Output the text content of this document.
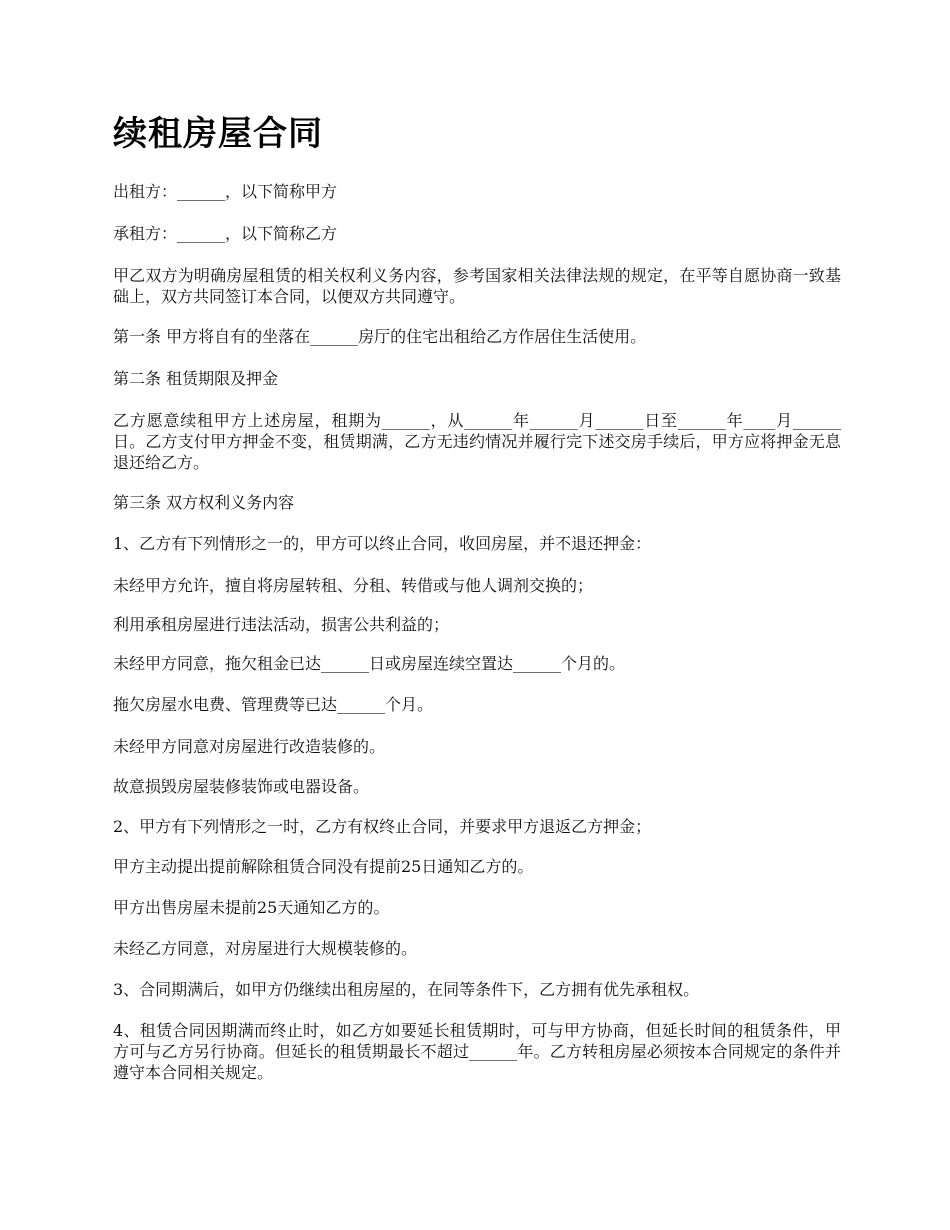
续租房屋合同

出租方：______，以下简称甲方

承租方：______，以下简称乙方

甲乙双方为明确房屋租赁的相关权利义务内容，参考国家相关法律法规的规定，在平等自愿协商一致基础上，双方共同签订本合同，以便双方共同遵守。

第一条 甲方将自有的坐落在______房厅的住宅出租给乙方作居住生活使用。

第二条 租赁期限及押金

乙方愿意续租甲方上述房屋，租期为______，从______年______月______日至______年____月______日。乙方支付甲方押金不变，租赁期满，乙方无违约情况并履行完下述交房手续后，甲方应将押金无息退还给乙方。

第三条 双方权利义务内容

1、乙方有下列情形之一的，甲方可以终止合同，收回房屋，并不退还押金：

未经甲方允许，擅自将房屋转租、分租、转借或与他人调剂交换的；

利用承租房屋进行违法活动，损害公共利益的；

未经甲方同意，拖欠租金已达______日或房屋连续空置达______个月的。

拖欠房屋水电费、管理费等已达______个月。

未经甲方同意对房屋进行改造装修的。

故意损毁房屋装修装饰或电器设备。

2、甲方有下列情形之一时，乙方有权终止合同，并要求甲方退返乙方押金；

甲方主动提出提前解除租赁合同没有提前25日通知乙方的。

甲方出售房屋未提前25天通知乙方的。

未经乙方同意，对房屋进行大规模装修的。

3、合同期满后，如甲方仍继续出租房屋的，在同等条件下，乙方拥有优先承租权。

4、租赁合同因期满而终止时，如乙方如要延长租赁期时，可与甲方协商，但延长时间的租赁条件，甲方可与乙方另行协商。但延长的租赁期最长不超过______年。乙方转租房屋必须按本合同规定的条件并遵守本合同相关规定。
